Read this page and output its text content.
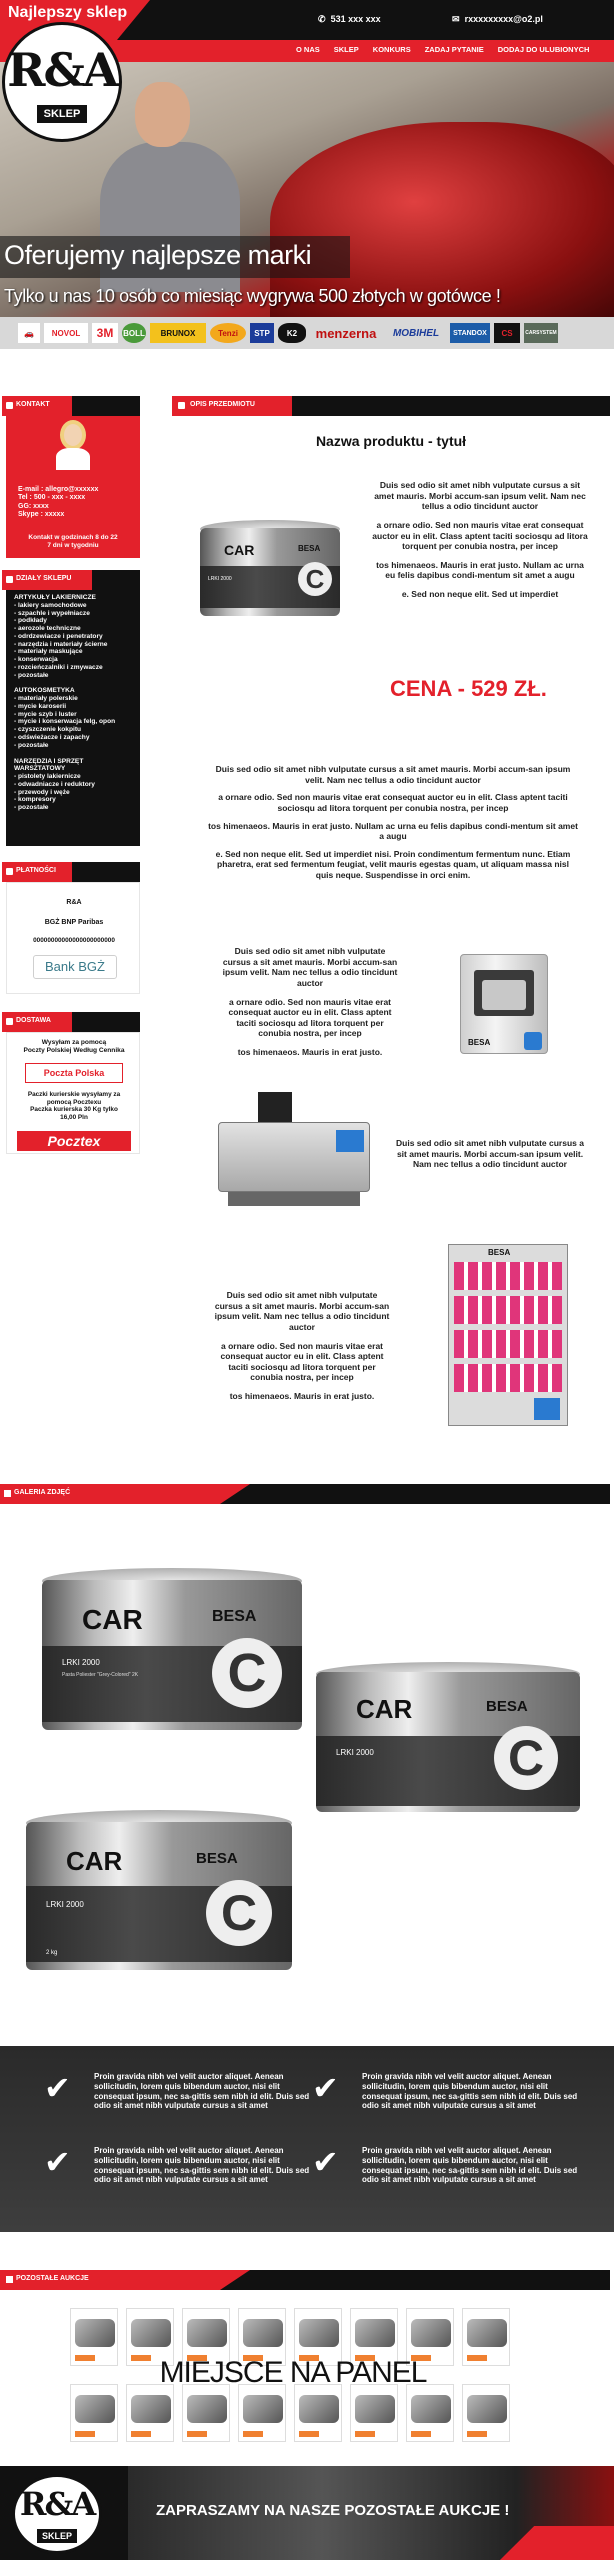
Najlepszy sklep	✆ 531 xxx xxx	✉ rxxxxxxxxx@o2.pl
O NAS SKLEP KONKURS ZADAJ PYTANIE DODAJ DO ULUBIONYCH
R&A
SKLEP
Oferujemy najlepsze marki
Tylko u nas 10 osób co miesiąc wygrywa 500 złotych w gotówce !
🚗	NOVOL	3M	BOLL	BRUNOX	Tenzi	STP	K2	menzerna	MOBIHEL	STANDOX	CS	CARSYSTEM
KONTAKT
E-mail : allegro@xxxxxx
Tel : 500 - xxx - xxxx
GG: xxxx
Skype : xxxxx
Kontakt w godzinach 8 do 22
7 dni w tygodniu
DZIAŁY SKLEPU
ARTYKUŁY LAKIERNICZE
- lakiery samochodowe
- szpachle i wypełniacze
- podkłady
- aerozole techniczne
- odrdzewiacze i penetratory
- narzędzia i materiały ścierne
- materiały maskujące
- konserwacja
- rozcieńczalniki i zmywacze
- pozostałe
AUTOKOSMETYKA
- materiały polerskie
- mycie karoserii
- mycie szyb i luster
- mycie i konserwacja felg, opon
- czyszczenie kokpitu
- odświeżacze i zapachy
- pozostałe
NARZĘDZIA I SPRZĘT WARSZTATOWY
- pistolety lakiernicze
- odwadniacze i reduktory
- przewody i węże
- kompresory
- pozostałe
PŁATNOŚCI
R&A
BGŻ BNP Paribas
00000000000000000000000
Bank BGŻ
DOSTAWA
Wysyłam za pomocą
Poczty Polskiej Według Cennika
Poczta Polska
Paczki kurierskie wysyłamy za
pomocą Pocztexu
Paczka kurierska 30 Kg tylko
16,00 Pln
Pocztex
OPIS PRZEDMIOTU
Nazwa produktu - tytuł
CAR	BESA
C
LRKI 2000

Duis sed odio sit amet nibh vulputate cursus a sit amet mauris. Morbi accum-san ipsum velit. Nam nec tellus a odio tincidunt auctor

a ornare odio. Sed non mauris vitae erat consequat auctor eu in elit. Class aptent taciti sociosqu ad litora torquent per conubia nostra, per incep

tos himenaeos. Mauris in erat justo. Nullam ac urna eu felis dapibus condi-mentum sit amet a augu

e. Sed non neque elit. Sed ut imperdiet

CENA - 529 ZŁ.

Duis sed odio sit amet nibh vulputate cursus a sit amet mauris. Morbi accum-san ipsum velit. Nam nec tellus a odio tincidunt auctor

a ornare odio. Sed non mauris vitae erat consequat auctor eu in elit. Class aptent taciti sociosqu ad litora torquent per conubia nostra, per incep

tos himenaeos. Mauris in erat justo. Nullam ac urna eu felis dapibus condi-mentum sit amet a augu

e. Sed non neque elit. Sed ut imperdiet nisi. Proin condimentum fermentum nunc. Etiam pharetra, erat sed fermentum feugiat, velit mauris egestas quam, ut aliquam massa nisl quis neque. Suspendisse in orci enim.

Duis sed odio sit amet nibh vulputate cursus a sit amet mauris. Morbi accum-san ipsum velit. Nam nec tellus a odio tincidunt auctor

a ornare odio. Sed non mauris vitae erat consequat auctor eu in elit. Class aptent taciti sociosqu ad litora torquent per conubia nostra, per incep

tos himenaeos. Mauris in erat justo.

BESA

Duis sed odio sit amet nibh vulputate cursus a sit amet mauris. Morbi accum-san ipsum velit. Nam nec tellus a odio tincidunt auctor

Duis sed odio sit amet nibh vulputate cursus a sit amet mauris. Morbi accum-san ipsum velit. Nam nec tellus a odio tincidunt auctor

a ornare odio. Sed non mauris vitae erat consequat auctor eu in elit. Class aptent taciti sociosqu ad litora torquent per conubia nostra, per incep

tos himenaeos. Mauris in erat justo.

BESA
GALERIA ZDJĘĆ
CAR	BESA
C
LRKI 2000
Pasta Poliester "Grey-Colored" 2K
CAR	BESA
C
LRKI 2000
CAR	BESA
C
LRKI 2000
2 kg
✔	Proin gravida nibh vel velit auctor aliquet. Aenean sollicitudin, lorem quis bibendum auctor, nisi elit consequat ipsum, nec sa-gittis sem nibh id elit. Duis sed odio sit amet nibh vulputate cursus a sit amet	✔	Proin gravida nibh vel velit auctor aliquet. Aenean sollicitudin, lorem quis bibendum auctor, nisi elit consequat ipsum, nec sa-gittis sem nibh id elit. Duis sed odio sit amet nibh vulputate cursus a sit amet
✔	Proin gravida nibh vel velit auctor aliquet. Aenean sollicitudin, lorem quis bibendum auctor, nisi elit consequat ipsum, nec sa-gittis sem nibh id elit. Duis sed odio sit amet nibh vulputate cursus a sit amet	✔	Proin gravida nibh vel velit auctor aliquet. Aenean sollicitudin, lorem quis bibendum auctor, nisi elit consequat ipsum, nec sa-gittis sem nibh id elit. Duis sed odio sit amet nibh vulputate cursus a sit amet
POZOSTAŁE AUKCJE
MIEJSCE NA PANEL
R&A
SKLEP
ZAPRASZAMY NA NASZE POZOSTAŁE AUKCJE !
